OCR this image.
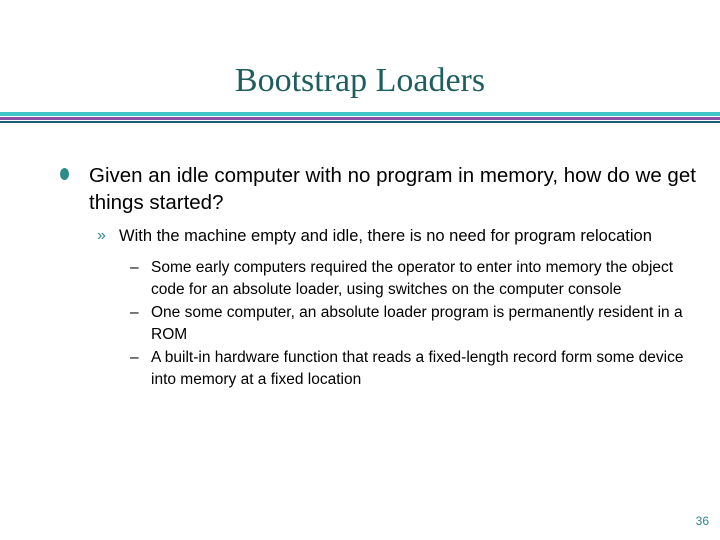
Bootstrap Loaders
Given an idle computer with no program in memory, how do we get things started?
» With the machine empty and idle, there is no need for program relocation
– Some early computers required the operator to enter into memory the object code for an absolute loader, using switches on the computer console
– One some computer, an absolute loader program is permanently resident in a ROM
– A built-in hardware function that reads a fixed-length record form some device into memory at a fixed location
36
